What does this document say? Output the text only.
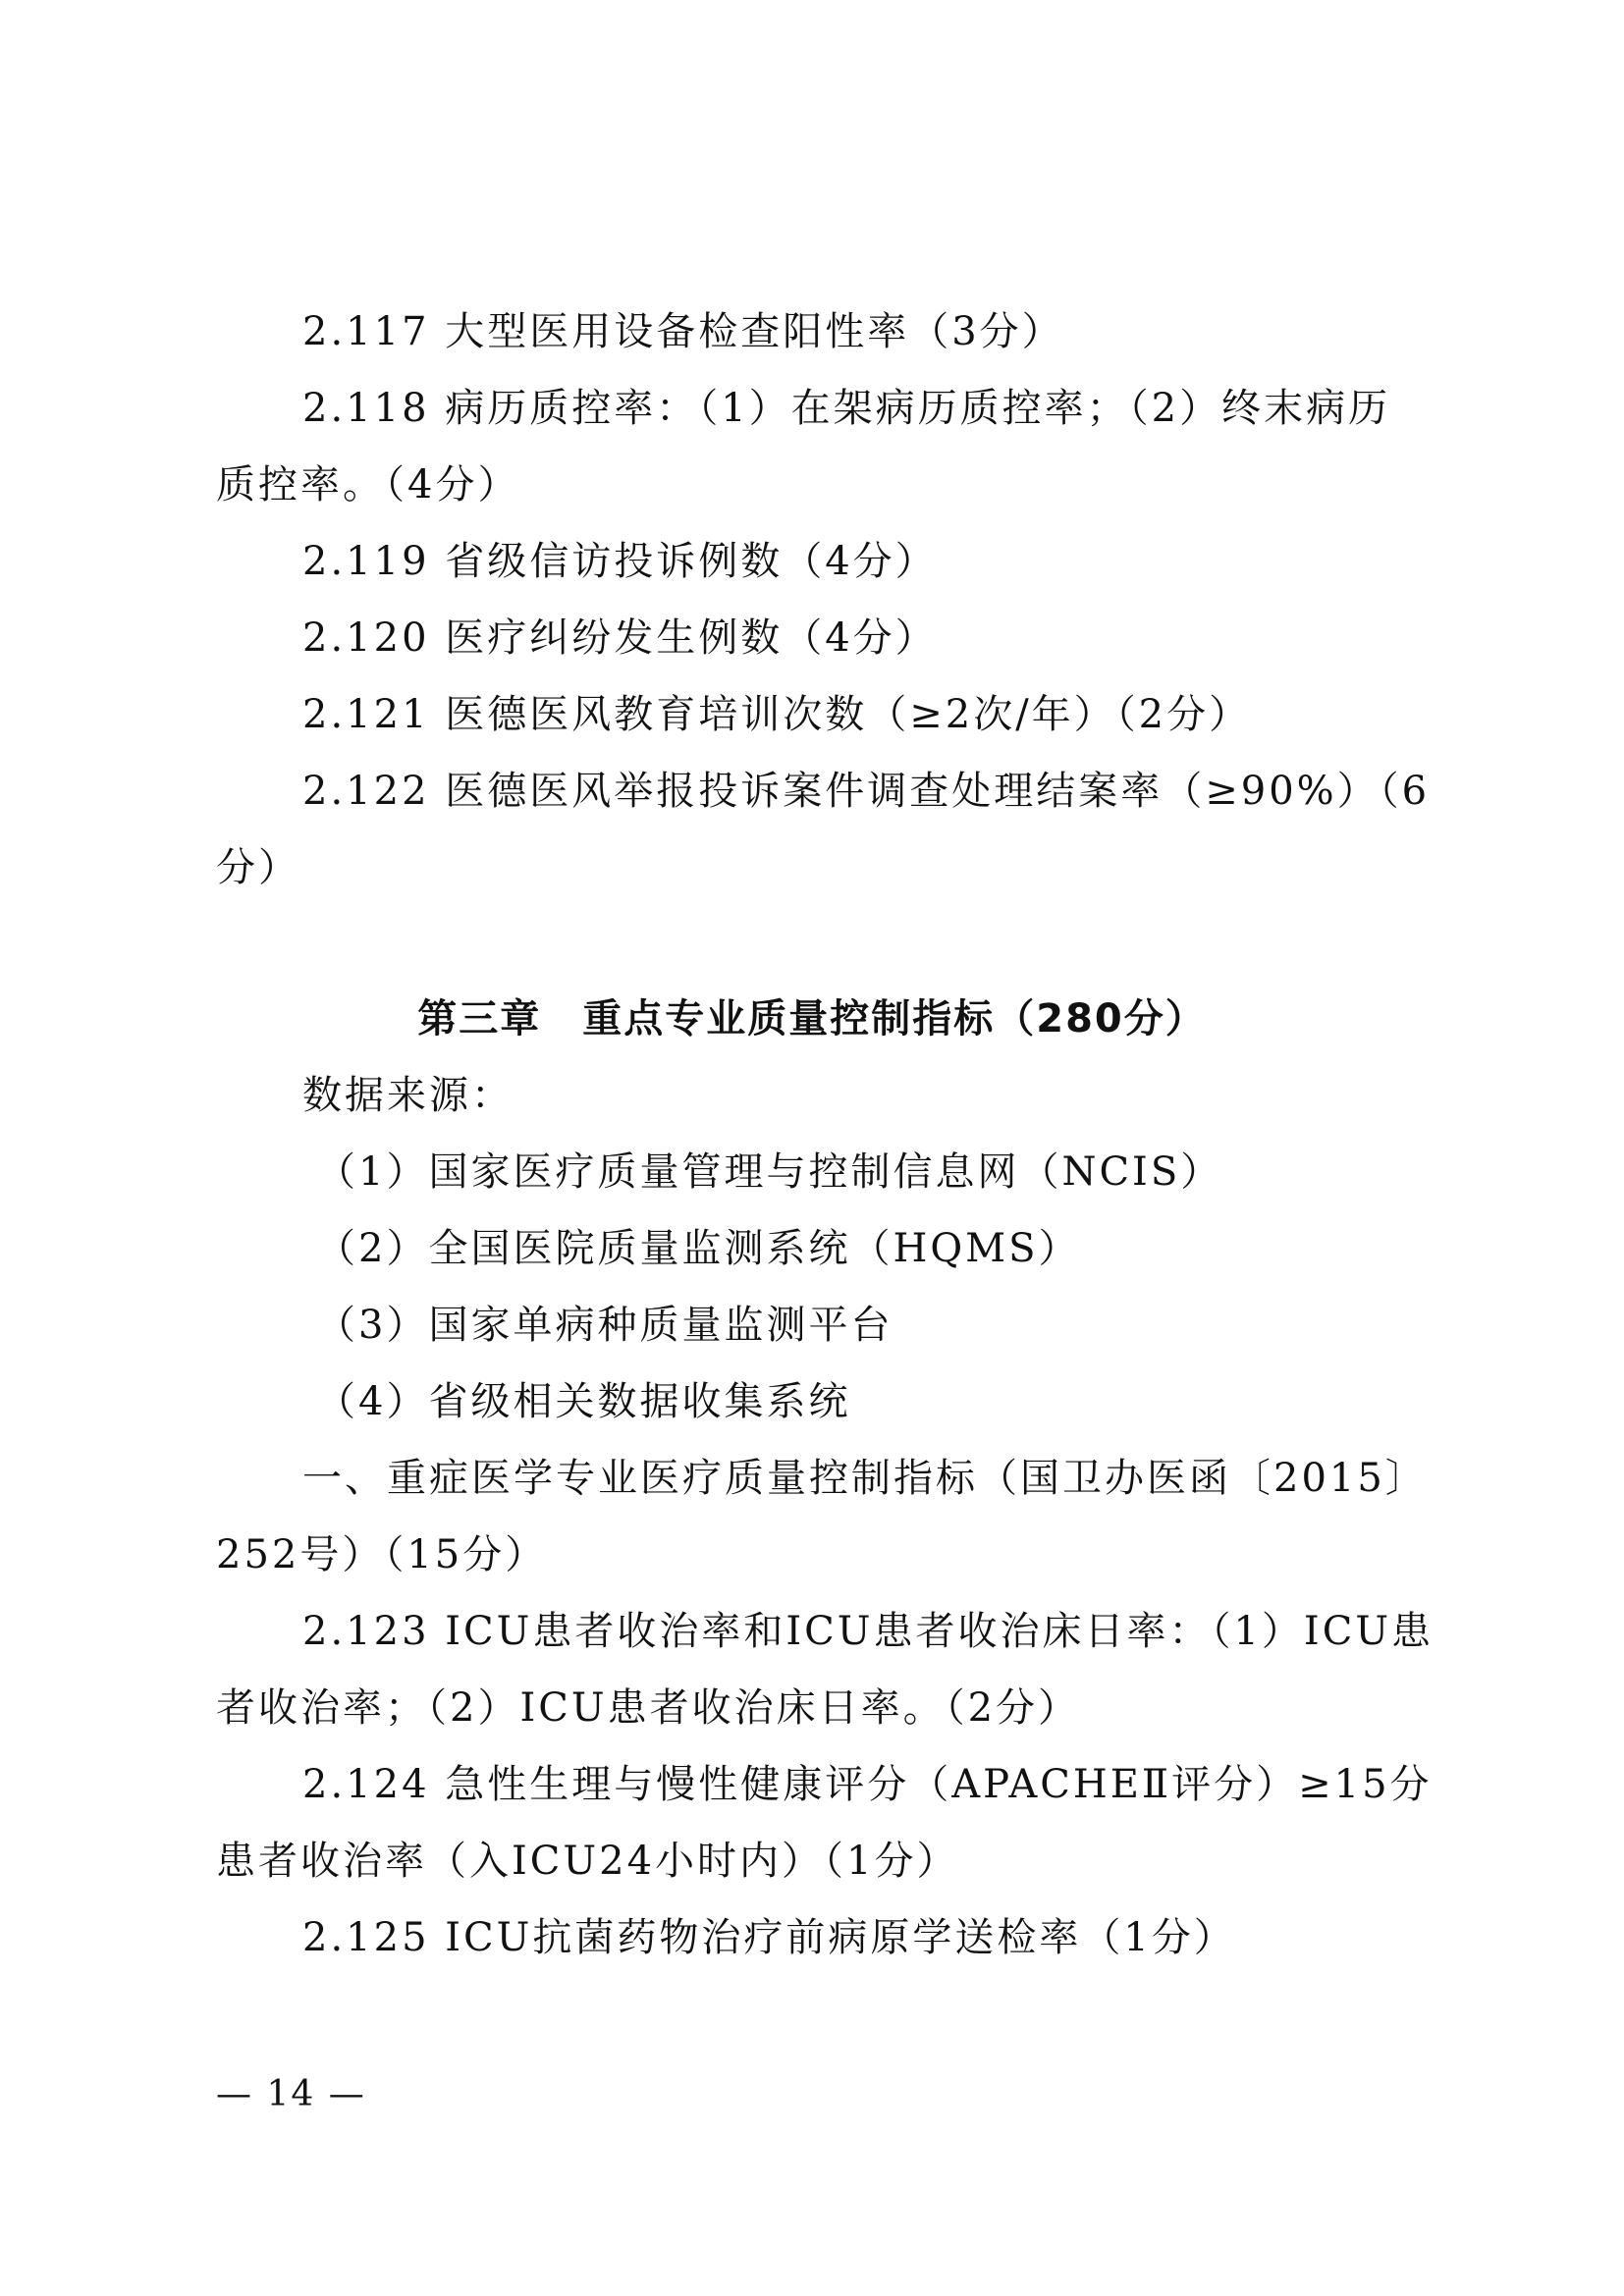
2.117 大型医用设备检查阳性率（3分）
2.118 病历质控率：（1）在架病历质控率；（2）终末病历
质控率。（4分）
2.119 省级信访投诉例数（4分）
2.120 医疗纠纷发生例数（4分）
2.121 医德医风教育培训次数（≥2次/年）（2分）
2.122 医德医风举报投诉案件调查处理结案率（≥90%）（6
分）
第三章　重点专业质量控制指标（280分）
数据来源：
（1）国家医疗质量管理与控制信息网（NCIS）
（2）全国医院质量监测系统（HQMS）
（3）国家单病种质量监测平台
（4）省级相关数据收集系统
一、重症医学专业医疗质量控制指标（国卫办医函〔2015〕
252号）（15分）
2.123 ICU患者收治率和ICU患者收治床日率：（1）ICU患
者收治率；（2）ICU患者收治床日率。（2分）
2.124 急性生理与慢性健康评分（APACHEⅡ评分）≥15分
患者收治率（入ICU24小时内）（1分）
2.125 ICU抗菌药物治疗前病原学送检率（1分）
— 14 —
